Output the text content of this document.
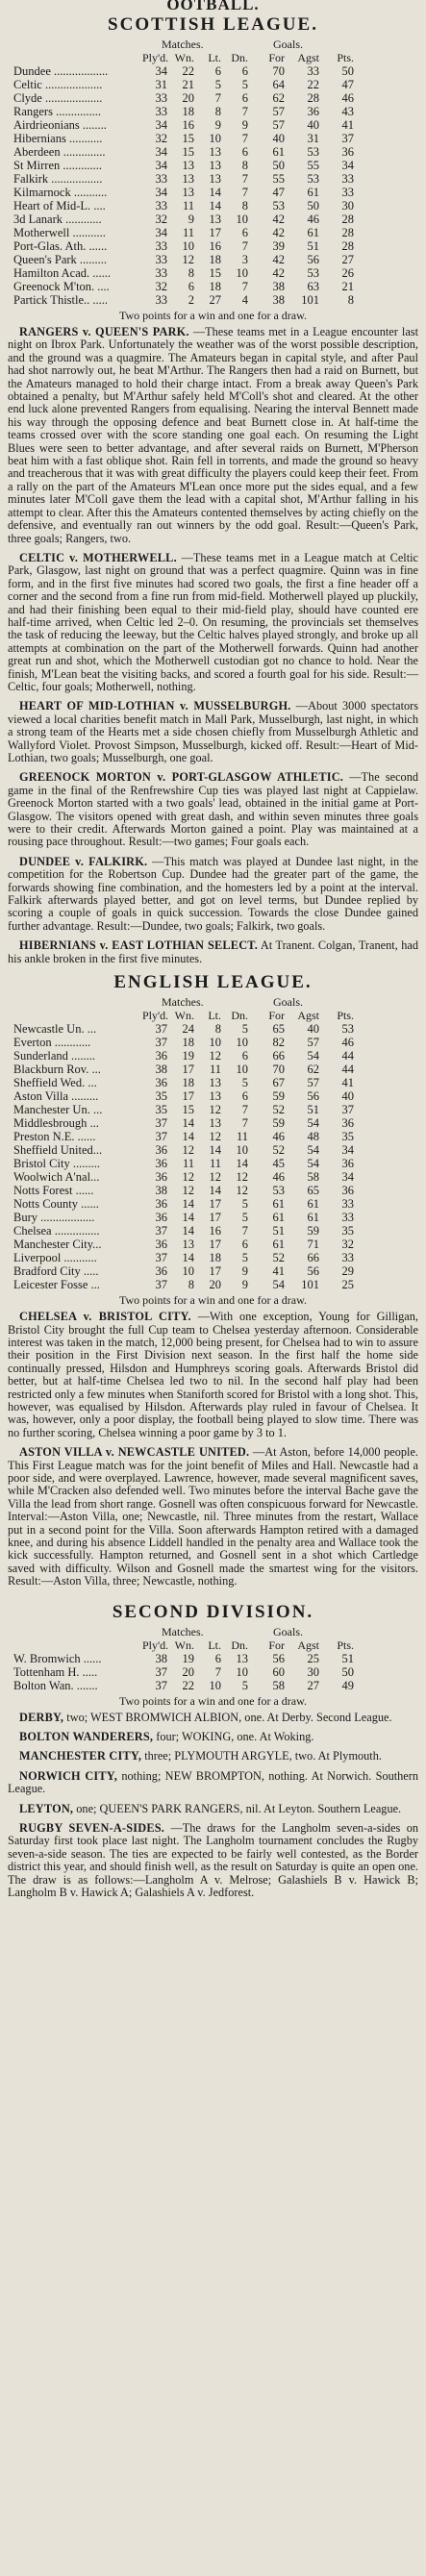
OOTBALL.
SCOTTISH LEAGUE.
Matches.	Goals.
Ply'd. Wn.	Lt. Dn.	For	Agst	Pts.
Dundee ..................	34	22	6	6	70	33	50
Celtic ...................	31	21	5	5	64	22	47
Clyde ...................	33	20	7	6	62	28	46
Rangers ...............	33	18	8	7	57	36	43
Airdrieonians ........	34	16	9	9	57	40	41
Hibernians ...........	32	15	10	7	40	31	37
Aberdeen ..............	34	15	13	6	61	53	36
St Mirren .............	34	13	13	8	50	55	34
Falkirk .................	33	13	13	7	55	53	33
Kilmarnock ...........	34	13	14	7	47	61	33
Heart of Mid-L. ....	33	11	14	8	53	50	30
3d Lanark ............	32	9	13	10	42	46	28
Motherwell ...........	34	11	17	6	42	61	28
Port-Glas. Ath. ......	33	10	16	7	39	51	28
Queen's Park .........	33	12	18	3	42	56	27
Hamilton Acad. ......	33	8	15	10	42	53	26
Greenock M'ton. ....	32	6	18	7	38	63	21
Partick Thistle.. .....	33	2	27	4	38	101	8
Two points for a win and one for a draw.

RANGERS v. QUEEN'S PARK. —These teams met in a League encounter last night on Ibrox Park. Unfortunately the weather was of the worst possible description, and the ground was a quagmire. The Amateurs began in capital style, and after Paul had shot narrowly out, he beat M'Arthur. The Rangers then had a raid on Burnett, but the Amateurs managed to hold their charge intact. From a break away Queen's Park obtained a penalty, but M'Arthur safely held M'Coll's shot and cleared. At the other end luck alone prevented Rangers from equalising. Nearing the interval Bennett made his way through the opposing defence and beat Burnett close in. At half-time the teams crossed over with the score standing one goal each. On resuming the Light Blues were seen to better advantage, and after several raids on Burnett, M'Pherson beat him with a fast oblique shot. Rain fell in torrents, and made the ground so heavy and treacherous that it was with great difficulty the players could keep their feet. From a rally on the part of the Amateurs M'Lean once more put the sides equal, and a few minutes later M'Coll gave them the lead with a capital shot, M'Arthur falling in his attempt to clear. After this the Amateurs contented themselves by acting chiefly on the defensive, and eventually ran out winners by the odd goal. Result:—Queen's Park, three goals; Rangers, two.

CELTIC v. MOTHERWELL. —These teams met in a League match at Celtic Park, Glasgow, last night on ground that was a perfect quagmire. Quinn was in fine form, and in the first five minutes had scored two goals, the first a fine header off a corner and the second from a fine run from mid-field. Motherwell played up pluckily, and had their finishing been equal to their mid-field play, should have counted ere half-time arrived, when Celtic led 2–0. On resuming, the provincials set themselves the task of reducing the leeway, but the Celtic halves played strongly, and broke up all attempts at combination on the part of the Motherwell forwards. Quinn had another great run and shot, which the Motherwell custodian got no chance to hold. Near the finish, M'Lean beat the visiting backs, and scored a fourth goal for his side. Result:—Celtic, four goals; Motherwell, nothing.

HEART OF MID-LOTHIAN v. MUSSELBURGH. —About 3000 spectators viewed a local charities benefit match in Mall Park, Musselburgh, last night, in which a strong team of the Hearts met a side chosen chiefly from Musselburgh Athletic and Wallyford Violet. Provost Simpson, Musselburgh, kicked off. Result:—Heart of Mid-Lothian, two goals; Musselburgh, one goal.

GREENOCK MORTON v. PORT-GLASGOW ATHLETIC. —The second game in the final of the Renfrewshire Cup ties was played last night at Cappielaw. Greenock Morton started with a two goals' lead, obtained in the initial game at Port-Glasgow. The visitors opened with great dash, and within seven minutes three goals were to their credit. Afterwards Morton gained a point. Play was maintained at a rousing pace throughout. Result:—two games; Four goals each.

DUNDEE v. FALKIRK. —This match was played at Dundee last night, in the competition for the Robertson Cup. Dundee had the greater part of the game, the forwards showing fine combination, and the homesters led by a point at the interval. Falkirk afterwards played better, and got on level terms, but Dundee replied by scoring a couple of goals in quick succession. Towards the close Dundee gained further advantage. Result:—Dundee, two goals; Falkirk, two goals.

HIBERNIANS v. EAST LOTHIAN SELECT. At Tranent. Colgan, Tranent, had his ankle broken in the first five minutes.

ENGLISH LEAGUE.
Matches.	Goals.
Ply'd. Wn.	Lt. Dn.	For	Agst	Pts.
Newcastle Un. ...	37	24	8	5	65	40	53
Everton ............	37	18	10	10	82	57	46
Sunderland ........	36	19	12	6	66	54	44
Blackburn Rov. ...	38	17	11	10	70	62	44
Sheffield Wed. ...	36	18	13	5	67	57	41
Aston Villa .........	35	17	13	6	59	56	40
Manchester Un. ...	35	15	12	7	52	51	37
Middlesbrough ...	37	14	13	7	59	54	36
Preston N.E. ......	37	14	12	11	46	48	35
Sheffield United...	36	12	14	10	52	54	34
Bristol City .........	36	11	11	14	45	54	36
Woolwich A'nal...	36	12	12	12	46	58	34
Notts Forest ......	38	12	14	12	53	65	36
Notts County ......	36	14	17	5	61	61	33
Bury ..................	36	14	17	5	61	61	33
Chelsea ...............	37	14	16	7	51	59	35
Manchester City...	36	13	17	6	61	71	32
Liverpool ...........	37	14	18	5	52	66	33
Bradford City .....	36	10	17	9	41	56	29
Leicester Fosse ...	37	8	20	9	54	101	25
Two points for a win and one for a draw.

CHELSEA v. BRISTOL CITY. —With one exception, Young for Gilligan, Bristol City brought the full Cup team to Chelsea yesterday afternoon. Considerable interest was taken in the match, 12,000 being present, for Chelsea had to win to assure their position in the First Division next season. In the first half the home side continually pressed, Hilsdon and Humphreys scoring goals. Afterwards Bristol did better, but at half-time Chelsea led two to nil. In the second half play had been restricted only a few minutes when Staniforth scored for Bristol with a long shot. This, however, was equalised by Hilsdon. Afterwards play ruled in favour of Chelsea. It was, however, only a poor display, the football being played to slow time. There was no further scoring, Chelsea winning a poor game by 3 to 1.

ASTON VILLA v. NEWCASTLE UNITED. —At Aston, before 14,000 people. This First League match was for the joint benefit of Miles and Hall. Newcastle had a poor side, and were overplayed. Lawrence, however, made several magnificent saves, while M'Cracken also defended well. Two minutes before the interval Bache gave the Villa the lead from short range. Gosnell was often conspicuous forward for Newcastle. Interval:—Aston Villa, one; Newcastle, nil. Three minutes from the restart, Wallace put in a second point for the Villa. Soon afterwards Hampton retired with a damaged knee, and during his absence Liddell handled in the penalty area and Wallace took the kick successfully. Hampton returned, and Gosnell sent in a shot which Cartledge saved with difficulty. Wilson and Gosnell made the smartest wing for the visitors. Result:—Aston Villa, three; Newcastle, nothing.

SECOND DIVISION.
Matches.	Goals.
Ply'd. Wn.	Lt. Dn.	For	Agst	Pts.
W. Bromwich ......	38	19	6	13	56	25	51
Tottenham H. .....	37	20	7	10	60	30	50
Bolton Wan. .......	37	22	10	5	58	27	49
Two points for a win and one for a draw.

DERBY, two; WEST BROMWICH ALBION, one. At Derby. Second League.

BOLTON WANDERERS, four; WOKING, one. At Woking.

MANCHESTER CITY, three; PLYMOUTH ARGYLE, two. At Plymouth.

NORWICH CITY, nothing; NEW BROMPTON, nothing. At Norwich. Southern League.

LEYTON, one; QUEEN'S PARK RANGERS, nil. At Leyton. Southern League.

RUGBY SEVEN-A-SIDES. —The draws for the Langholm seven-a-sides on Saturday first took place last night. The Langholm tournament concludes the Rugby seven-a-side season. The ties are expected to be fairly well contested, as the Border district this year, and should finish well, as the result on Saturday is quite an open one. The draw is as follows:—Langholm A v. Melrose; Galashiels B v. Hawick B; Langholm B v. Hawick A; Galashiels A v. Jedforest.
